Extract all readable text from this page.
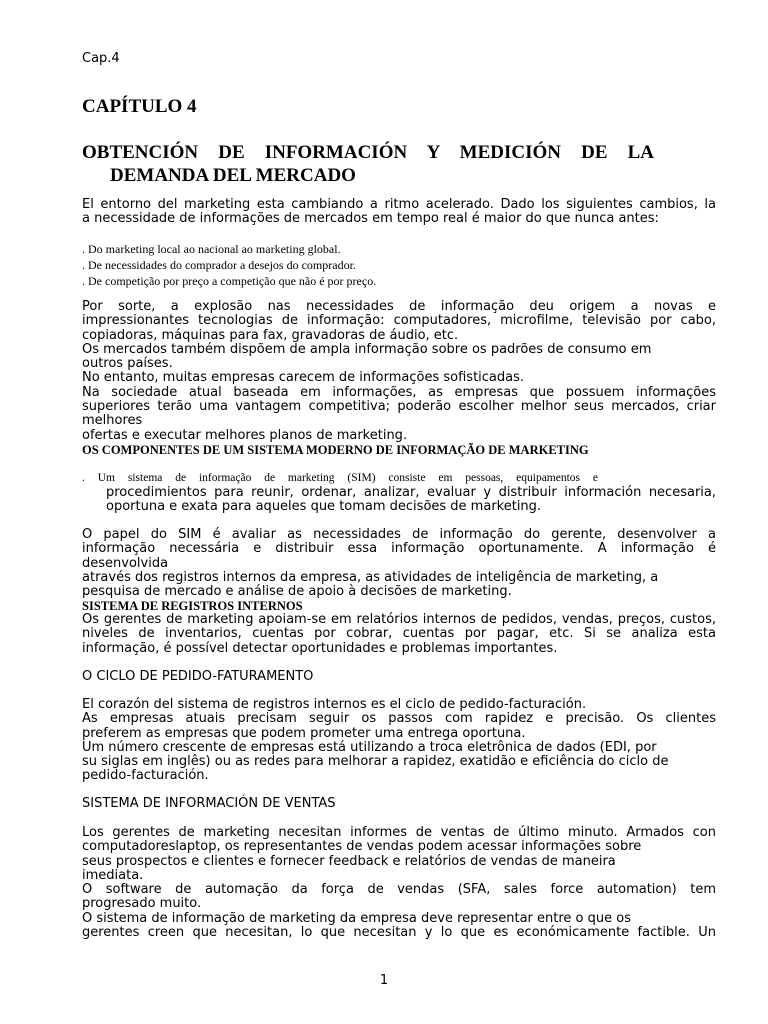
Cap.4
CAPÍTULO 4
OBTENCIÓN DE INFORMACIÓN Y MEDICIÓN DE LA
DEMANDA DEL MERCADO
El entorno del marketing esta cambiando a ritmo acelerado. Dado los siguientes cambios, la
a necessidade de informações de mercados em tempo real é maior do que nunca antes:
. Do marketing local ao nacional ao marketing global.
. De necessidades do comprador a desejos do comprador.
. De competição por preço a competição que não é por preço.
Por sorte, a explosão nas necessidades de informação deu origem a novas e
impressionantes tecnologias de informação: computadores, microfilme, televisão por cabo,
copiadoras, máquinas para fax, gravadoras de áudio, etc.
Os mercados também dispõem de ampla informação sobre os padrões de consumo em
outros países.
No entanto, muitas empresas carecem de informações sofisticadas.
Na sociedade atual baseada em informações, as empresas que possuem informações
superiores terão uma vantagem competitiva; poderão escolher melhor seus mercados, criar melhores
ofertas e executar melhores planos de marketing.
OS COMPONENTES DE UM SISTEMA MODERNO DE INFORMAÇÃO DE MARKETING
. Um sistema de informação de marketing (SIM) consiste em pessoas, equipamentos e
procedimientos para reunir, ordenar, analizar, evaluar y distribuir información necesaria,
oportuna e exata para aqueles que tomam decisões de marketing.
O papel do SIM é avaliar as necessidades de informação do gerente, desenvolver a
informação necessária e distribuir essa informação oportunamente. A informação é desenvolvida
através dos registros internos da empresa, as atividades de inteligência de marketing, a
pesquisa de mercado e análise de apoio à decisões de marketing.
SISTEMA DE REGISTROS INTERNOS
Os gerentes de marketing apoiam-se em relatórios internos de pedidos, vendas, preços, custos,
niveles de inventarios, cuentas por cobrar, cuentas por pagar, etc. Si se analiza esta
informação, é possível detectar oportunidades e problemas importantes.
O CICLO DE PEDIDO-FATURAMENTO
El corazón del sistema de registros internos es el ciclo de pedido-facturación.
As empresas atuais precisam seguir os passos com rapidez e precisão. Os clientes
preferem as empresas que podem prometer uma entrega oportuna.
Um número crescente de empresas está utilizando a troca eletrônica de dados (EDI, por
su siglas em inglês) ou as redes para melhorar a rapidez, exatidão e eficiência do ciclo de
pedido-facturación.
SISTEMA DE INFORMACIÓN DE VENTAS
Los gerentes de marketing necesitan informes de ventas de último minuto. Armados con
computadoreslaptop, os representantes de vendas podem acessar informações sobre
seus prospectos e clientes e fornecer feedback e relatórios de vendas de maneira
imediata.
O software de automação da força de vendas (SFA, sales force automation) tem
progresado muito.
O sistema de informação de marketing da empresa deve representar entre o que os
gerentes creen que necesitan, lo que necesitan y lo que es económicamente factible. Un
1
